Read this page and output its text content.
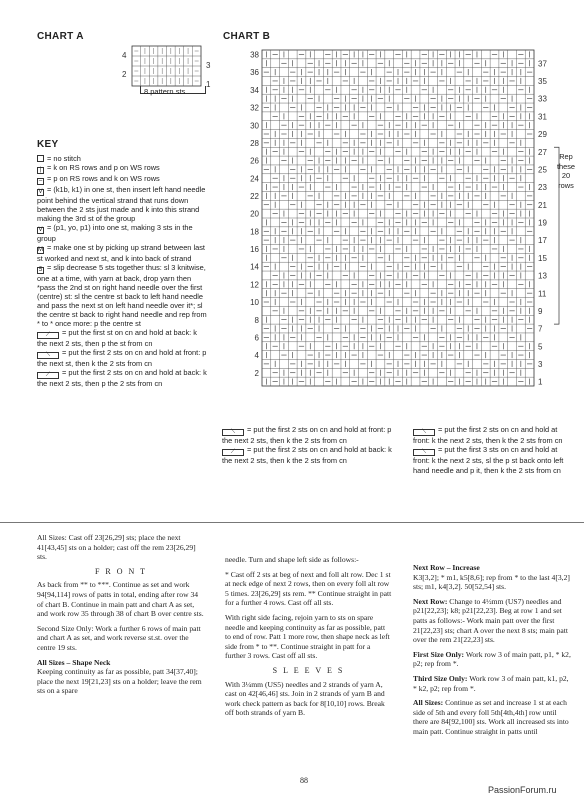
CHART A
4
3
2
1
8 pattern sts
KEY
= no stitch
| = k on RS rows and p on WS rows
– = p on RS rows and k on WS rows
V = (k1b, k1) in one st, then insert left hand needle point behind the vertical strand that runs down between the 2 sts just made and k into this strand making the 3rd st of the group
V = (p1, yo, p1) into one st, making 3 sts in the group
M = make one st by picking up strand between last st worked and next st, and k into back of strand
5 = slip decrease 5 sts together thus: sl 3 knitwise, one at a time, with yarn at back, drop yarn then *pass the 2nd st on right hand needle over the first (centre) st: sl the centre st back to left hand needle and pass the next st on left hand needle over it*; sl the centre st back to right hand needle and rep from * to * once more: p the centre st
⟋ = put the first st on cn and hold at back: k the next 2 sts, then p the st from cn
⟍ = put the first 2 sts on cn and hold at front: p the next st, then k the 2 sts from cn
⟋ = put the first 2 sts on cn and hold at back: k the next 2 sts, then p the 2 sts from cn
CHART B
38
36
34
32
30
28
26
24
22
20
18
16
14
12
10
8
6
4
2
37
35
33
31
29
27
25
23
21
19
17
15
13
11
9
7
5
3
1
Rep
these
20
rows
⟍ = put the first 2 sts on cn and hold at front: p the next 2 sts, then k the 2 sts from cn
⟋ = put the first 2 sts on cn and hold at back: k the next 2 sts, then k the 2 sts from cn
⟍ = put the first 2 sts on cn and hold at front: k the next 2 sts, then k the 2 sts from cn
⟍ = put the first 3 sts on cn and hold at front: k the next 2 sts, sl the p st back onto left hand needle and p it, then k the 2 sts from cn

All Sizes: Cast off 23[26,29] sts; place the next 41[43,45] sts on a holder; cast off the rem 23[26,29] sts.

F R O N T

As back from ** to ***. Continue as set and work 94[94,114] rows of patts in total, ending after row 34 of chart B. Continue in main patt and chart A as set, and work row 35 through 38 of chart B over centre sts.

Second Size Only: Work a further 6 rows of main patt and chart A as set, and work reverse st.st. over the centre 19 sts.

All Sizes – Shape Neck

Keeping continuity as far as possible, patt 34[37,40]; place the next 19[21,23] sts on a holder; leave the rem sts on a spare

needle. Turn and shape left side as follows:-

* Cast off 2 sts at beg of next and foll alt row. Dec 1 st at neck edge of next 2 rows, then on every foll alt row 5 times. 23[26,29] sts rem. ** Continue straight in patt for a further 4 rows. Cast off all sts.

With right side facing, rejoin yarn to sts on spare needle and keeping continuity as far as possible, patt to end of row. Patt 1 more row, then shape neck as left side from * to **. Continue straight in patt for a further 3 rows. Cast off all sts.

S L E E V E S

With 3¼mm (US5) needles and 2 strands of yarn A, cast on 42[46,46] sts. Join in 2 strands of yarn B and work check pattern as back for 8[10,10] rows. Break off both strands of yarn B.

88
Next Row – Increase

K3[3,2]; * m1, k5[8,6]; rep from * to the last 4[3,2] sts; m1, k4[3,2]. 50[52,54] sts.

Next Row: Change to 4½mm (US7) needles and p21[22,23]; k8; p21[22,23]. Beg at row 1 and set patts as follows:- Work main patt over the first 21[22,23] sts; chart A over the next 8 sts; main patt over the rem 21[22,23] sts.

First Size Only: Work row 3 of main patt, p1, * k2, p2; rep from *.

Third Size Only: Work row 3 of main patt, k1, p2, * k2, p2; rep from *.

All Sizes: Continue as set and increase 1 st at each side of 5th and every foll 5th[4th,4th] row until there are 84[92,100] sts. Work all increased sts into main patt. Continue straight in patts until

PassionForum.ru
